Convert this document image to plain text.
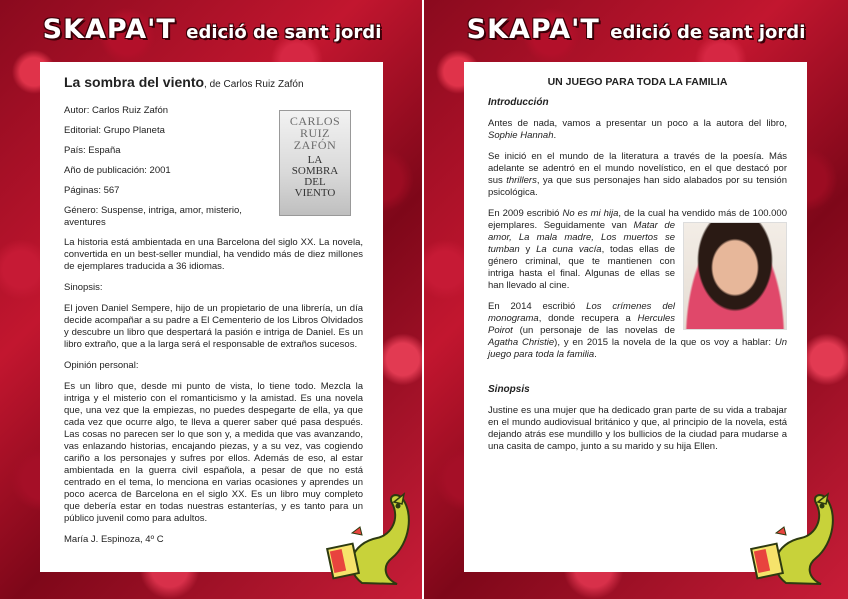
SKAPA'T edició de sant jordi
La sombra del viento, de Carlos Ruiz Zafón
CARLOS
RUIZ
ZAFÓN
LA
SOMBRA
DEL
VIENTO

Autor: Carlos Ruiz Zafón

Editorial: Grupo Planeta

País: España

Año de publicación: 2001

Páginas: 567

Género: Suspense, intriga, amor, misterio, aventures

La historia está ambientada en una Barcelona del siglo XX. La novela, convertida en un best-seller mundial, ha vendido más de diez millones de ejemplares traducida a 36 idiomas.

Sinopsis:

El joven Daniel Sempere, hijo de un propietario de una librería, un día decide acompañar a su padre a El Cementerio de los Libros Olvidados y descubre un libro que despertará la pasión e intriga de Daniel. Es un libro extraño, que a la larga será el responsable de extraños sucesos.

Opinión personal:

Es un libro que, desde mi punto de vista, lo tiene todo. Mezcla la intriga y el misterio con el romanticismo y la amistad. Es una novela que, una vez que la empiezas, no puedes despegarte de ella, ya que cada vez que ocurre algo, te lleva a querer saber qué pasa después. Las cosas no parecen ser lo que son y, a medida que vas avanzando, vas enlazando historias, encajando piezas, y a su vez, vas cogiendo cariño a los personajes y sufres por ellos. Además de eso, al estar ambientada en la guerra civil española, a pesar de que no está centrado en el tema, lo menciona en varias ocasiones y aprendes un poco acerca de Barcelona en el siglo XX. Es un libro muy completo que debería estar en todas nuestras estanterías, y es tanto para un público juvenil como para adultos.

María J. Espinoza, 4º C

SKAPA'T edició de sant jordi

UN JUEGO PARA TODA LA FAMILIA

Introducción

Antes de nada, vamos a presentar un poco a la autora del libro, Sophie Hannah.

Se inició en el mundo de la literatura a través de la poesía. Más adelante se adentró en el mundo novelístico, en el que destacó por sus thrillers, ya que sus personajes han sido alabados por su tensión psicológica.

En 2009 escribió No es mi hija, de la cual ha vendido más de 100.000 ejemplares. Seguidamente van
Matar de amor, La mala madre, Los muertos se tumban y La cuna vacía, todas ellas de género criminal, que te mantienen con intriga hasta el final. Algunas de ellas se han llevado al cine.

En 2014 escribió Los crímenes del monograma, donde recupera a Hercules Poirot (un personaje de las novelas de Agatha Christie), y en 2015 la novela de la que os voy a hablar: Un juego para toda la familia.

Sinopsis

Justine es una mujer que ha dedicado gran parte de su vida a trabajar en el mundo audiovisual británico y que, al principio de la novela, está dejando atrás ese mundillo y los bullicios de la ciudad para mudarse a una casita de campo, junto a su marido y su hija Ellen.
